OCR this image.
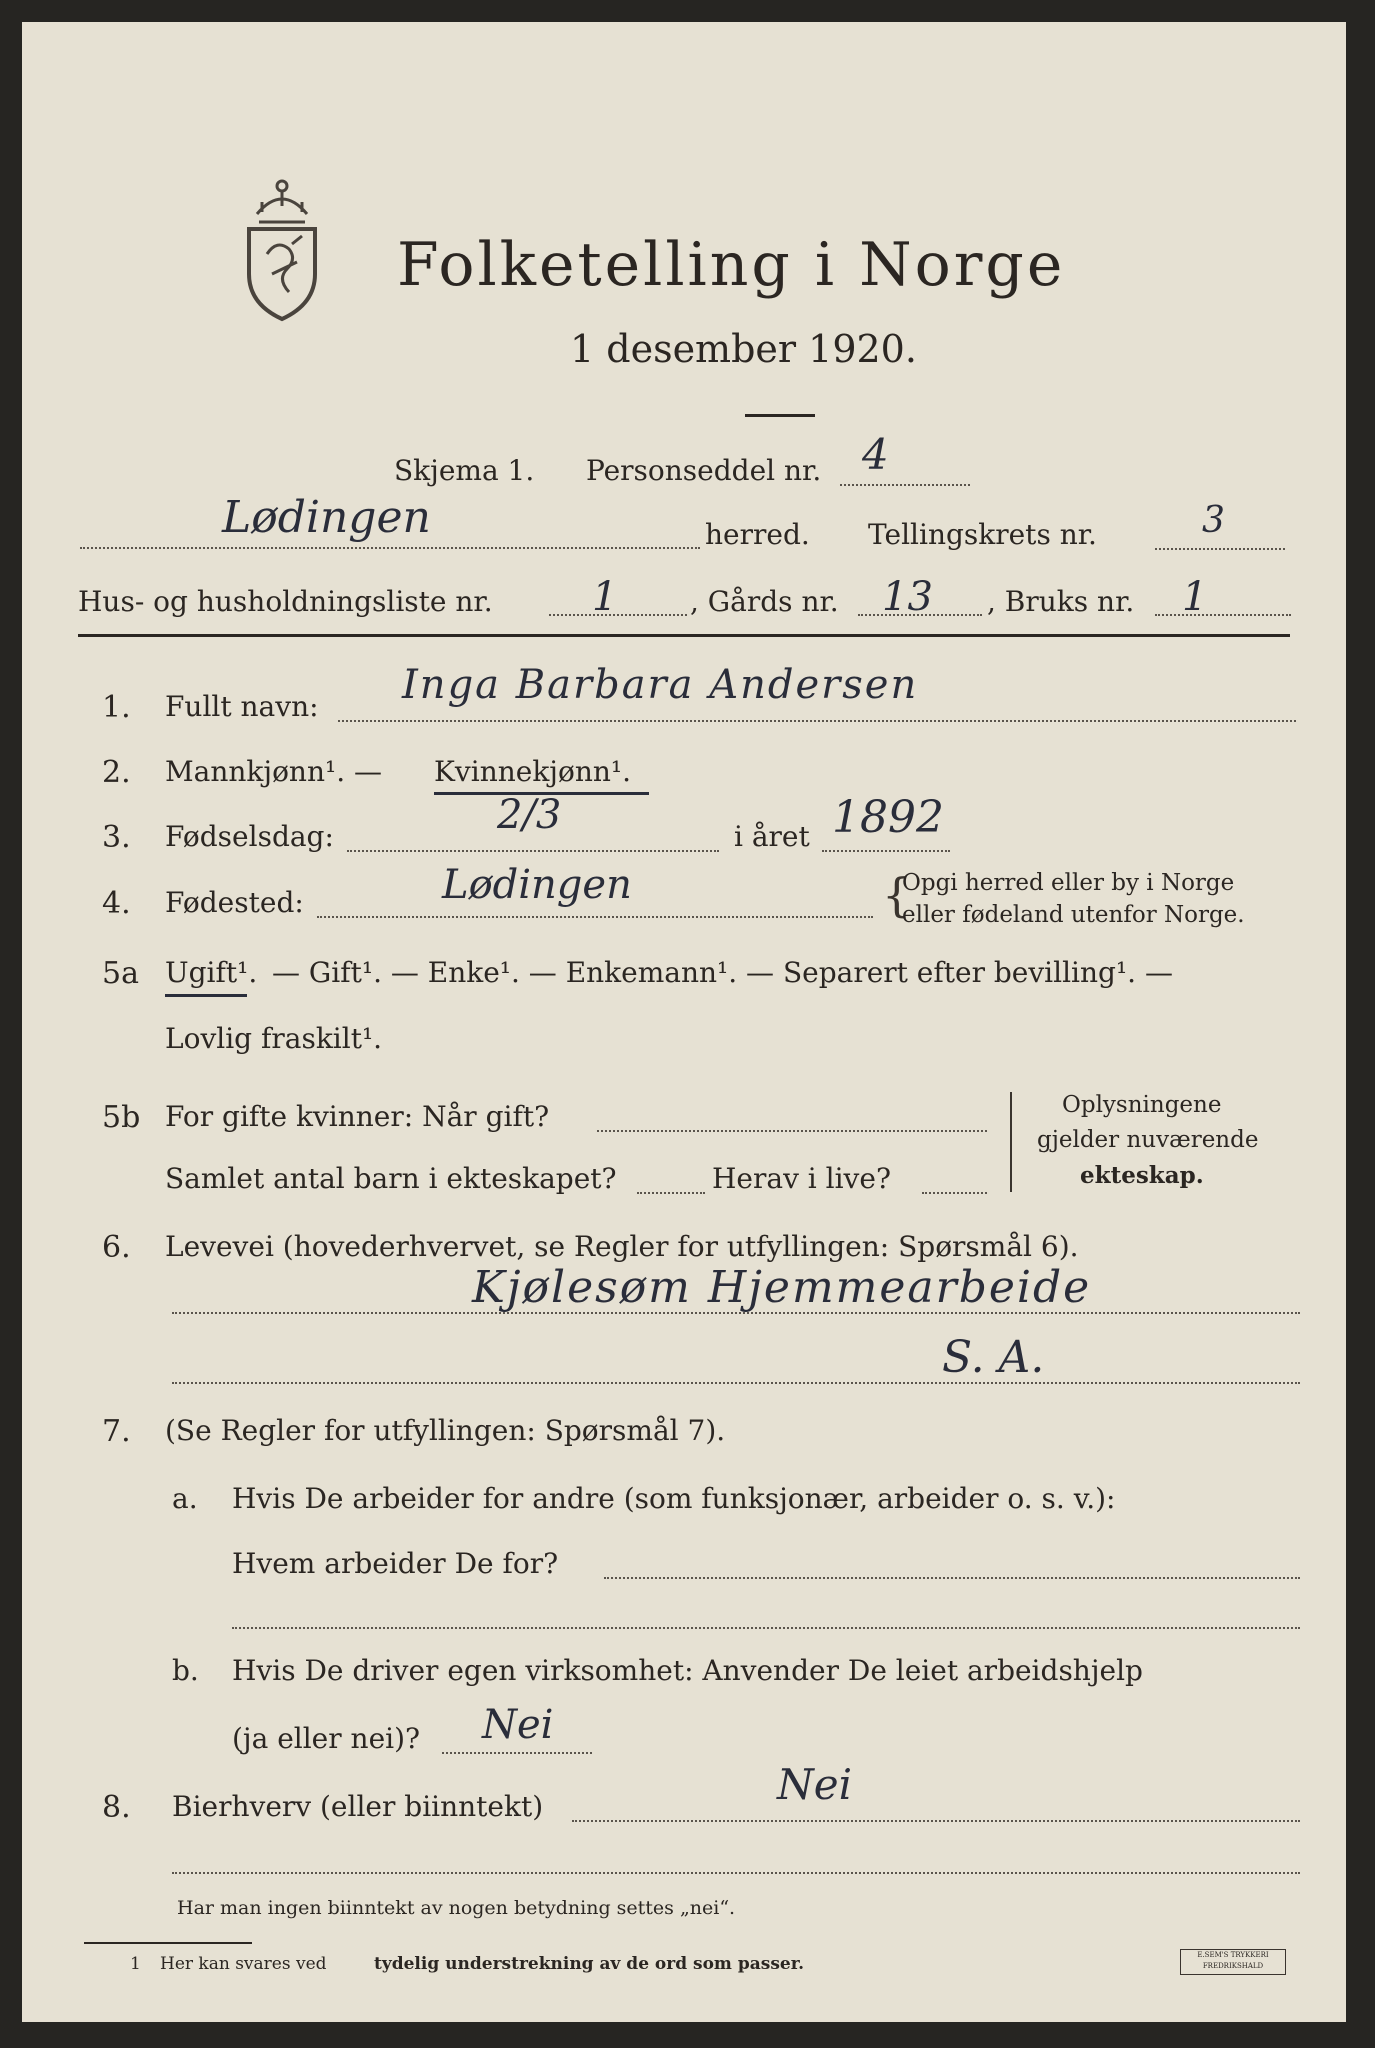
Folketelling i Norge
1 desember 1920.
Skjema 1. Personseddel nr. 4
Lødingen	herred. Tellingskrets nr.	3
Hus- og husholdningsliste nr. 1	, Gårds nr. 13 , Bruks nr. 1
1. Fullt navn: Inga Barbara Andersen
2. Mannkjønn¹. — Kvinnekjønn¹.
3. Fødselsdag:	2/3	i året 1892
4. Fødested:	Lødingen	{
Opgi herred eller by i Norge
eller fødeland utenfor Norge.
5a Ugift¹. — Gift¹. — Enke¹. — Enkemann¹. — Separert efter bevilling¹. —
Lovlig fraskilt¹.
5b For gifte kvinner: Når gift?
Samlet antal barn i ekteskapet?	Herav i live?
Oplysningene
gjelder nuværende
ekteskap.
6. Levevei (hovederhvervet, se Regler for utfyllingen: Spørsmål 6).
Kjølesøm Hjemmearbeide
S. A.
7. (Se Regler for utfyllingen: Spørsmål 7).
a. Hvis De arbeider for andre (som funksjonær, arbeider o. s. v.):
Hvem arbeider De for?
b. Hvis De driver egen virksomhet: Anvender De leiet arbeidshjelp
(ja eller nei)? Nei
8. Bierhverv (eller biinntekt)	Nei
Har man ingen biinntekt av nogen betydning settes „nei“.
1 Her kan svares ved	tydelig understrekning av de ord som passer.	E.SEM'S TRYKKERI
FREDRIKSHALD
